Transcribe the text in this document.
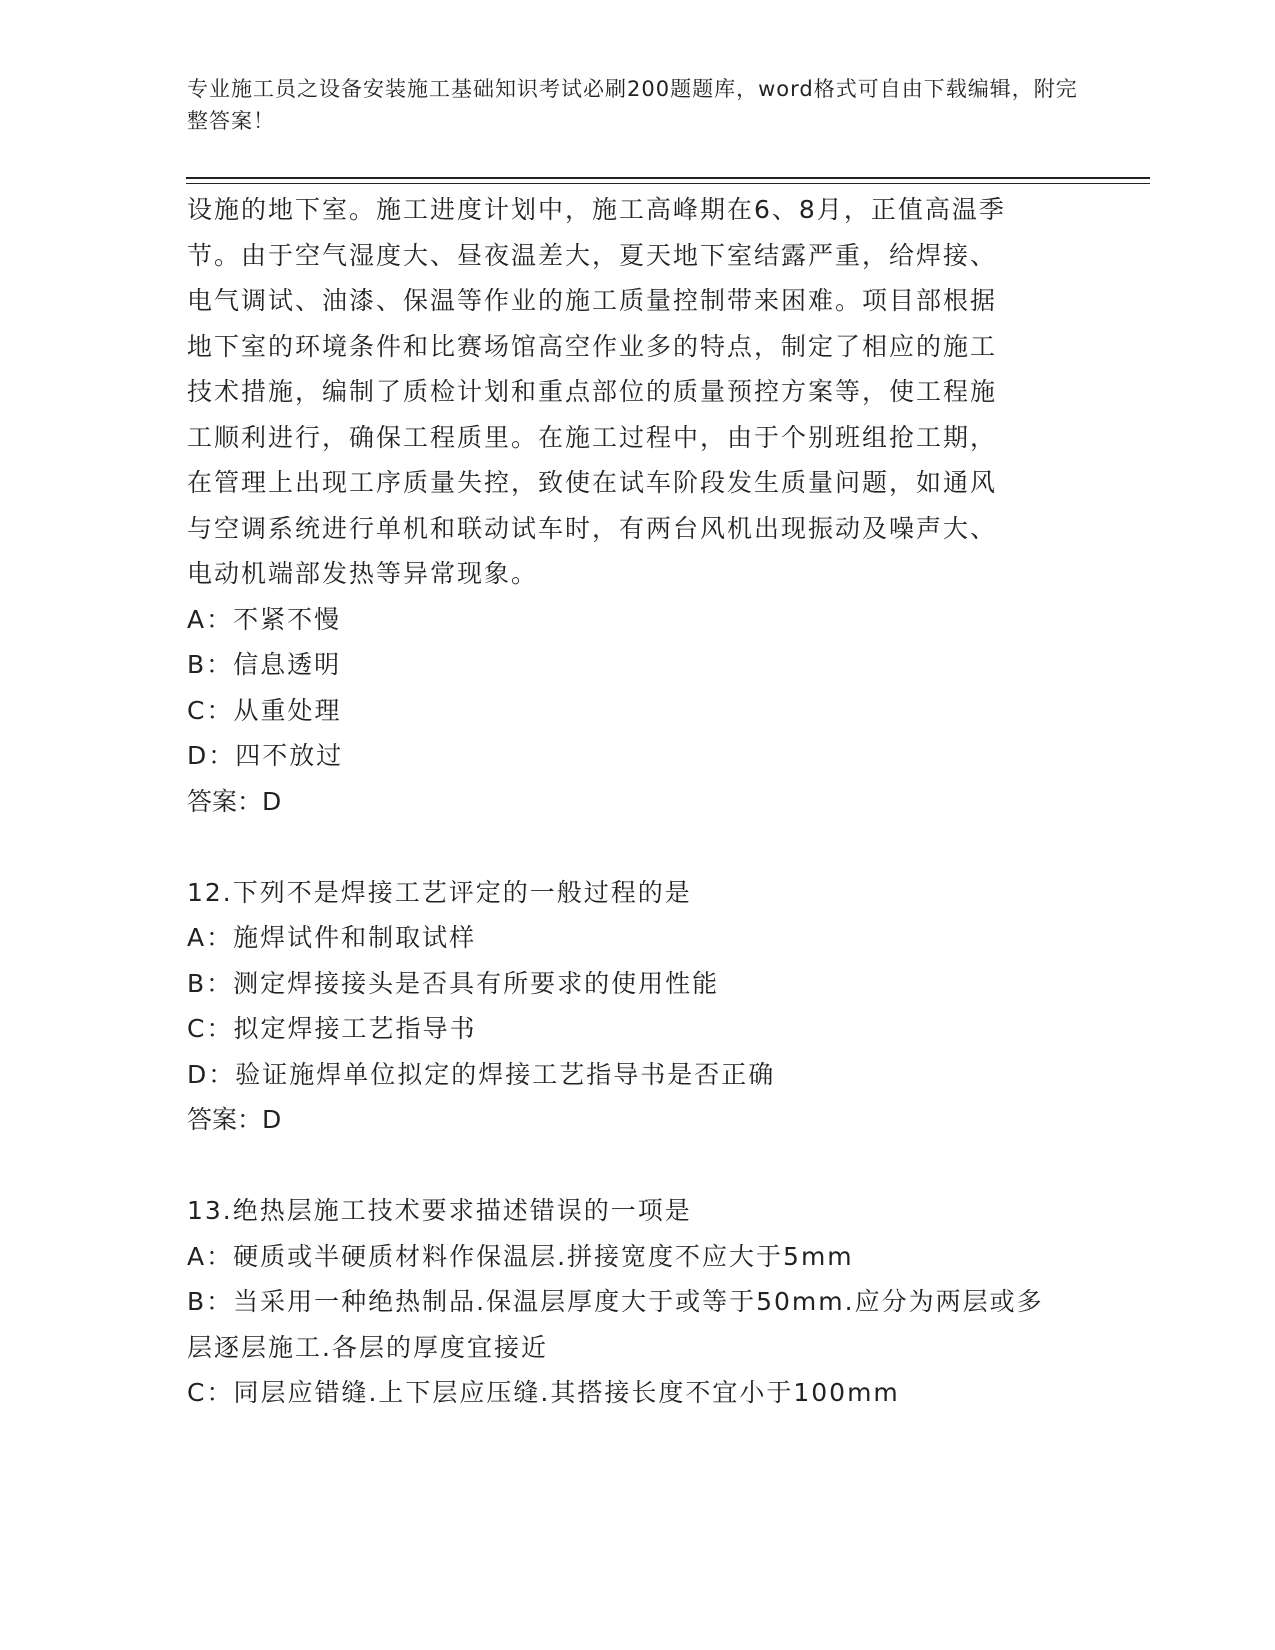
专业施工员之设备安装施工基础知识考试必刷200题题库，word格式可自由下载编辑，附完整答案！
设施的地下室。施工进度计划中，施工高峰期在6、8月，正值高温季
节。由于空气湿度大、昼夜温差大，夏天地下室结露严重，给焊接、
电气调试、油漆、保温等作业的施工质量控制带来困难。项目部根据
地下室的环境条件和比赛场馆高空作业多的特点，制定了相应的施工
技术措施，编制了质检计划和重点部位的质量预控方案等，使工程施
工顺利进行，确保工程质里。在施工过程中，由于个别班组抢工期，
在管理上出现工序质量失控，致使在试车阶段发生质量问题，如通风
与空调系统进行单机和联动试车时，有两台风机出现振动及噪声大、
电动机端部发热等异常现象。
A：不紧不慢
B：信息透明
C：从重处理
D：四不放过
答案：D
12.下列不是焊接工艺评定的一般过程的是
A：施焊试件和制取试样
B：测定焊接接头是否具有所要求的使用性能
C：拟定焊接工艺指导书
D：验证施焊单位拟定的焊接工艺指导书是否正确
答案：D
13.绝热层施工技术要求描述错误的一项是
A：硬质或半硬质材料作保温层.拼接宽度不应大于5mm
B：当采用一种绝热制品.保温层厚度大于或等于50mm.应分为两层或多
层逐层施工.各层的厚度宜接近
C：同层应错缝.上下层应压缝.其搭接长度不宜小于100mm
